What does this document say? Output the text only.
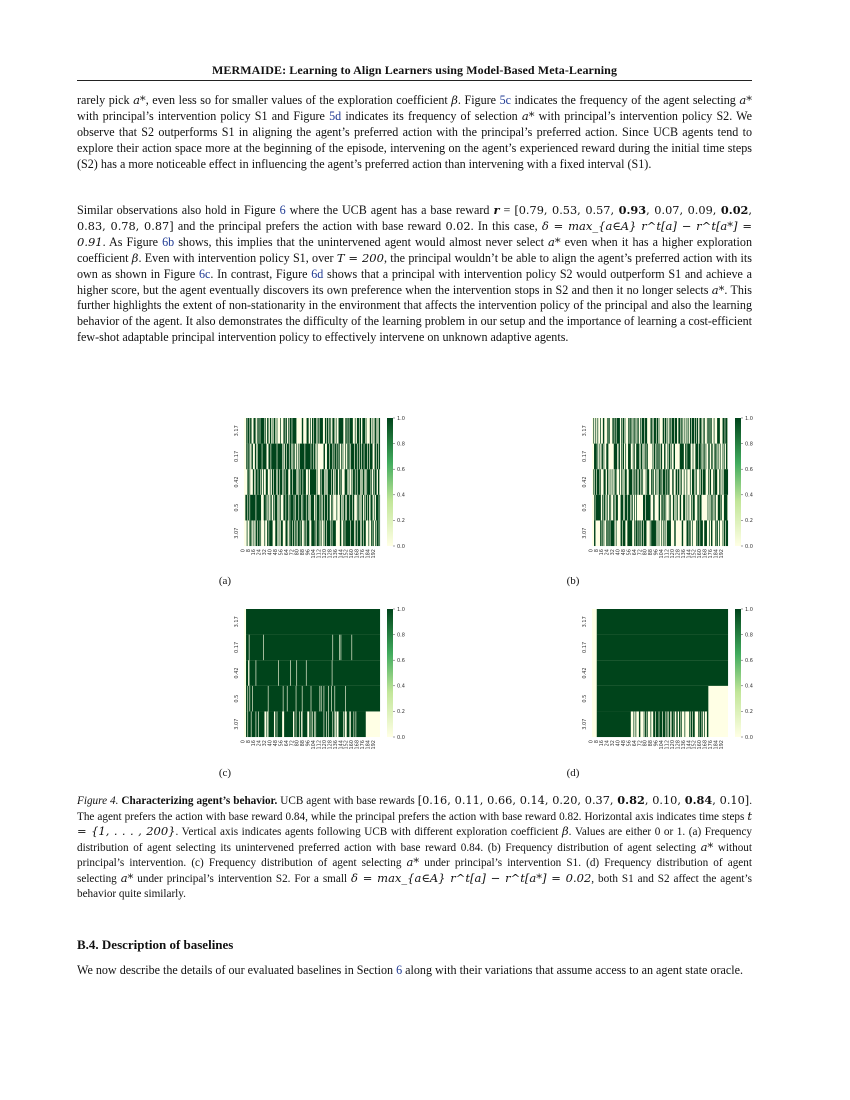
MERMAIDE: Learning to Align Learners using Model-Based Meta-Learning

rarely pick a*, even less so for smaller values of the exploration coefficient β. Figure 5c indicates the frequency of the agent selecting a* with principal’s intervention policy S1 and Figure 5d indicates its frequency of selection a* with principal’s intervention policy S2. We observe that S2 outperforms S1 in aligning the agent’s preferred action with the principal’s preferred action. Since UCB agents tend to explore their action space more at the beginning of the episode, intervening on the agent’s experienced reward during the initial time steps (S2) has a more noticeable effect in influencing the agent’s preferred action than intervening with a fixed interval (S1).

Similar observations also hold in Figure 6 where the UCB agent has a base reward r = [0.79, 0.53, 0.57, 0.93, 0.07, 0.09, 0.02, 0.83, 0.78, 0.87] and the principal prefers the action with base reward 0.02. In this case, δ = max_{a∈A} r^t[a] − r^t[a*] = 0.91. As Figure 6b shows, this implies that the unintervened agent would almost never select a* even when it has a higher exploration coefficient β. Even with intervention policy S1, over T = 200, the principal wouldn’t be able to align the agent’s preferred action with its own as shown in Figure 6c. In contrast, Figure 6d shows that a principal with intervention policy S2 would outperform S1 and achieve a higher score, but the agent eventually discovers its own preference when the intervention stops in S2 and then it no longer selects a*. This further highlights the extent of non-stationarity in the environment that affects the intervention policy of the principal and also the learning behavior of the agent. It also demonstrates the difficulty of the learning problem in our setup and the importance of learning a cost-efficient few-shot adaptable principal intervention policy to effectively intervene on unknown adaptive agents.

3.17
0.17
0.42
0.5
3.07
0 8 16 24 32 40 48 56 64 72 80 88 96 104 112 120 128 136 144 152 160 168 176 184 192
1.0
0.8
0.6
0.4
0.2
0.0
(a)
3.17
0.17
0.42
0.5
3.07
0 8 16 24 32 40 48 56 64 72 80 88 96 104 112 120 128 136 144 152 160 168 176 184 192
1.0
0.8
0.6
0.4
0.2
0.0
(b)
3.17
0.17
0.42
0.5
3.07
0 8 16 24 32 40 48 56 64 72 80 88 96 104 112 120 128 136 144 152 160 168 176 184 192
1.0
0.8
0.6
0.4
0.2
0.0
(c)
3.17
0.17
0.42
0.5
3.07
0 8 16 24 32 40 48 56 64 72 80 88 96 104 112 120 128 136 144 152 160 168 176 184 192
1.0
0.8
0.6
0.4
0.2
0.0
(d)

Figure 4. Characterizing agent’s behavior. UCB agent with base rewards [0.16, 0.11, 0.66, 0.14, 0.20, 0.37, 0.82, 0.10, 0.84, 0.10]. The agent prefers the action with base reward 0.84, while the principal prefers the action with base reward 0.82. Horizontal axis indicates time steps t = {1, . . . , 200}. Vertical axis indicates agents following UCB with different exploration coefficient β. Values are either 0 or 1. (a) Frequency distribution of agent selecting its unintervened preferred action with base reward 0.84. (b) Frequency distribution of agent selecting a* without principal’s intervention. (c) Frequency distribution of agent selecting a* under principal’s intervention S1. (d) Frequency distribution of agent selecting a* under principal’s intervention S2. For a small δ = max_{a∈A} r^t[a] − r^t[a*] = 0.02, both S1 and S2 affect the agent’s behavior quite similarly.

B.4. Description of baselines

We now describe the details of our evaluated baselines in Section 6 along with their variations that assume access to an agent state oracle.
